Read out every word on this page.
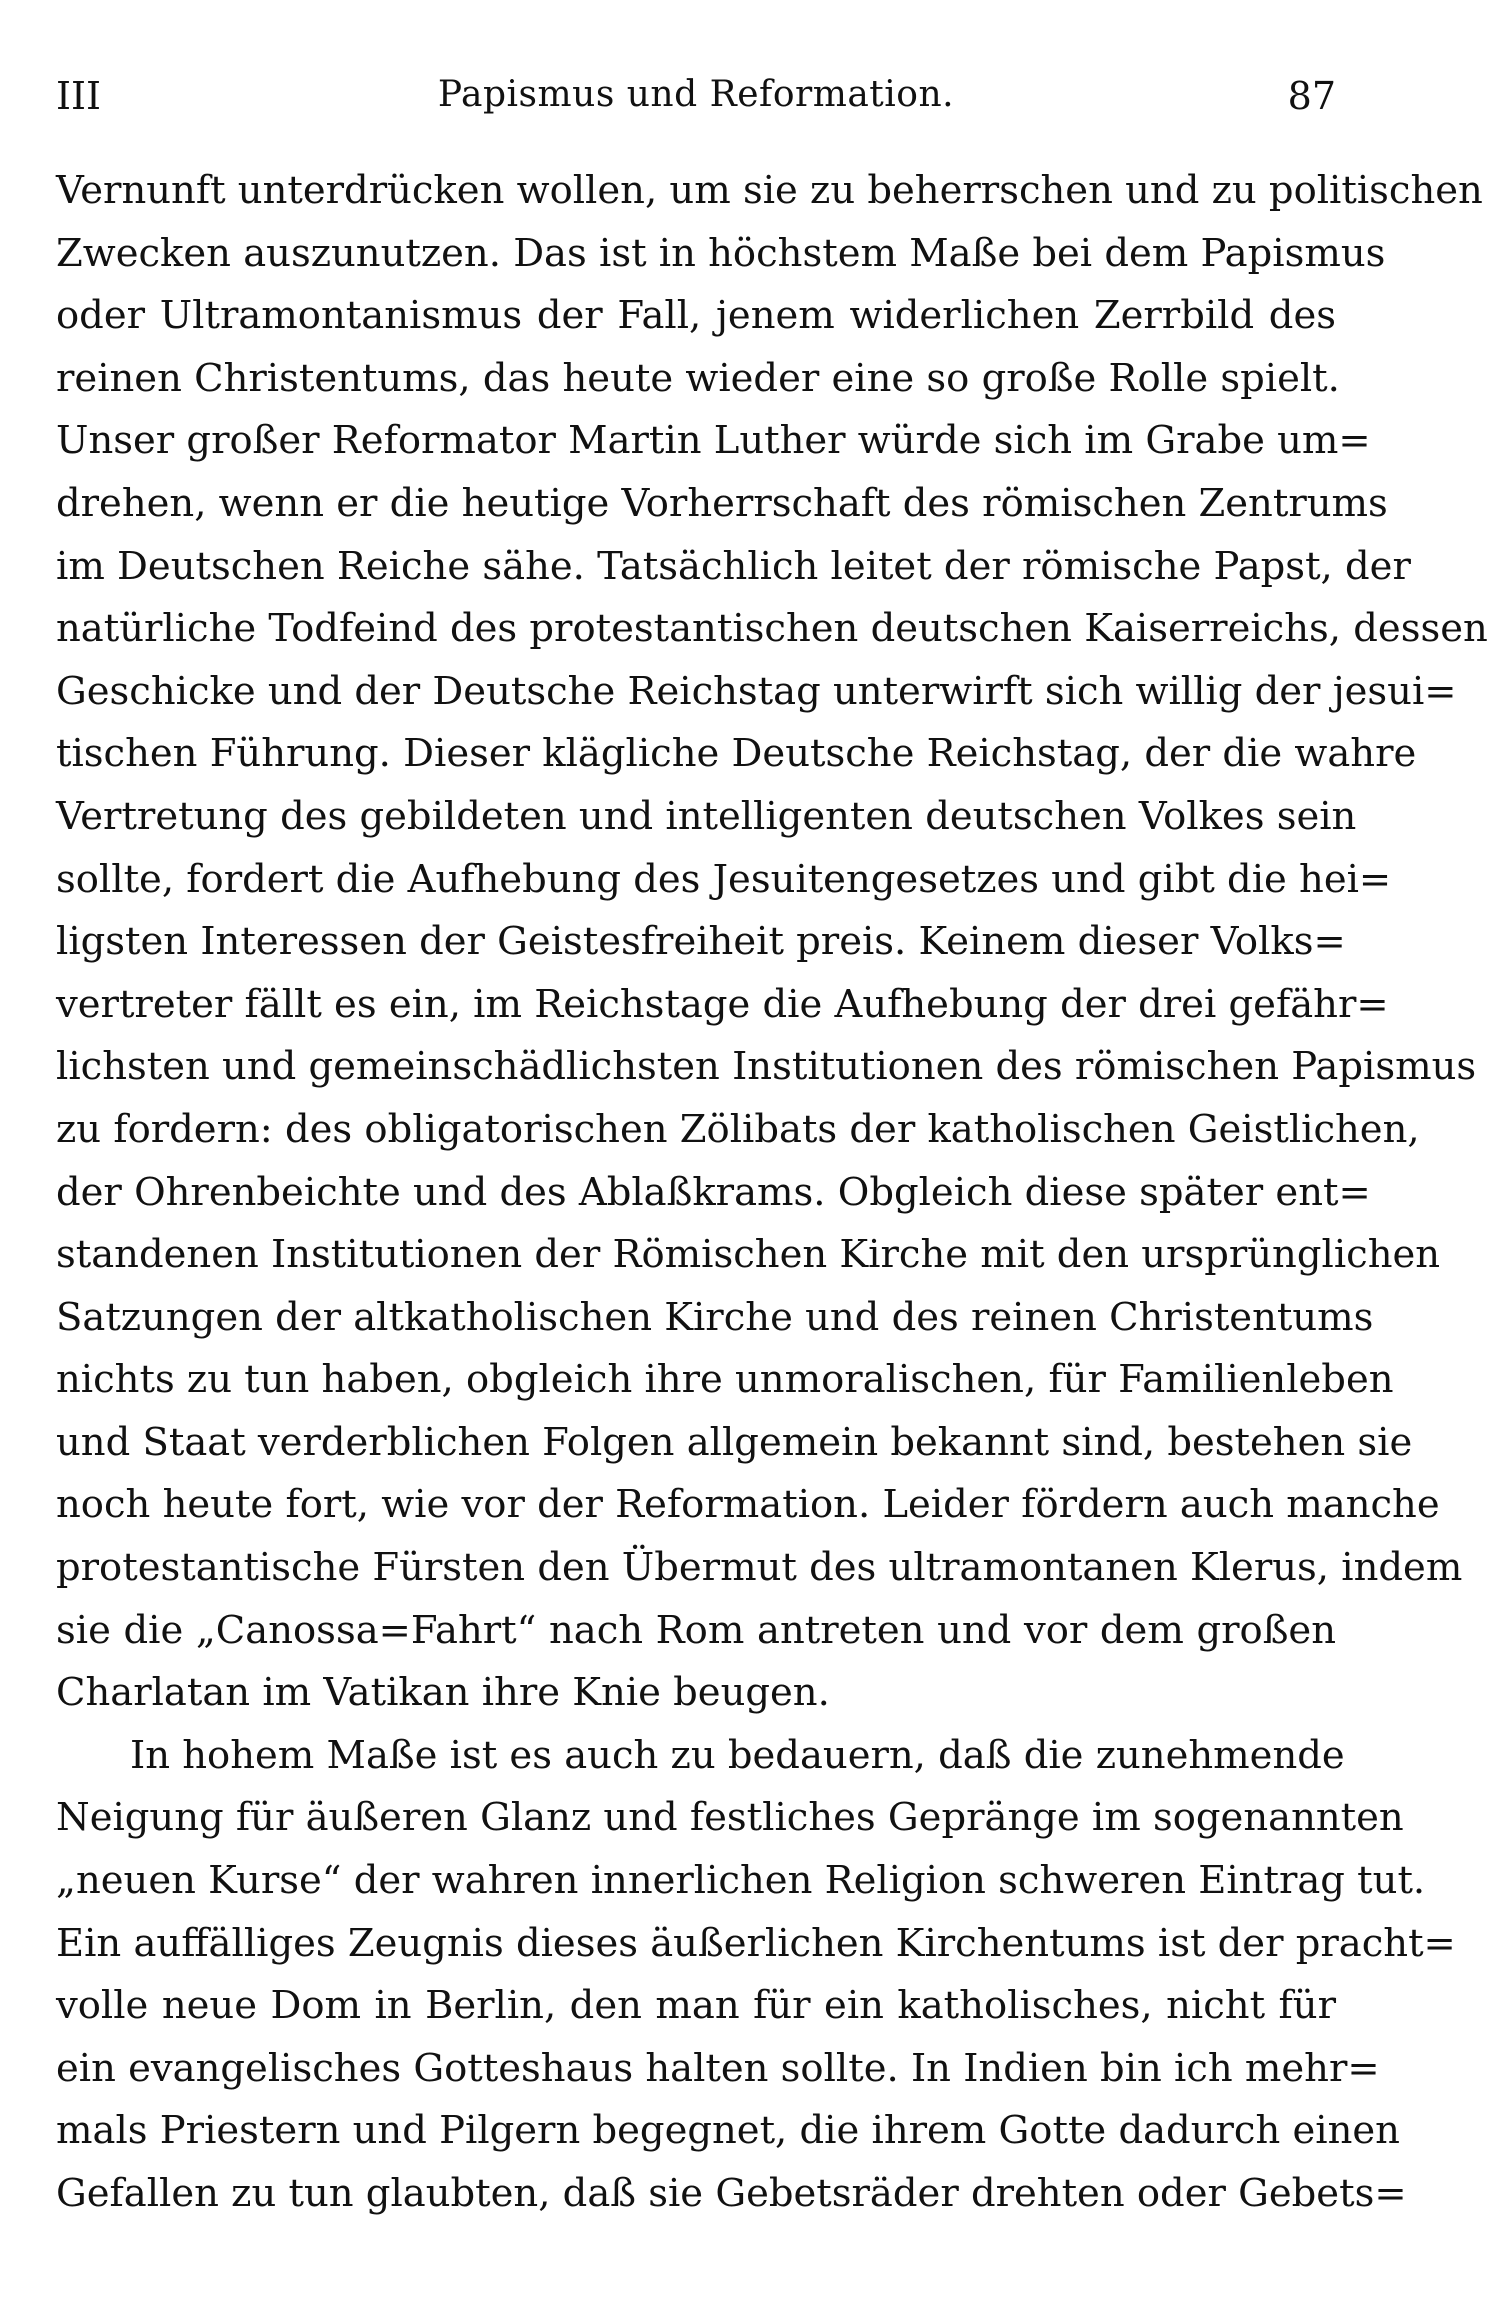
III	Papismus und Reformation.	87
Vernunft unterdrücken wollen, um sie zu beherrschen und zu politischen
Zwecken auszunutzen. Das ist in höchstem Maße bei dem Papismus
oder Ultramontanismus der Fall, jenem widerlichen Zerrbild des
reinen Christentums, das heute wieder eine so große Rolle spielt.
Unser großer Reformator Martin Luther würde sich im Grabe um=
drehen, wenn er die heutige Vorherrschaft des römischen Zentrums
im Deutschen Reiche sähe. Tatsächlich leitet der römische Papst, der
natürliche Todfeind des protestantischen deutschen Kaiserreichs, dessen
Geschicke und der Deutsche Reichstag unterwirft sich willig der jesui=
tischen Führung. Dieser klägliche Deutsche Reichstag, der die wahre
Vertretung des gebildeten und intelligenten deutschen Volkes sein
sollte, fordert die Aufhebung des Jesuitengesetzes und gibt die hei=
ligsten Interessen der Geistesfreiheit preis. Keinem dieser Volks=
vertreter fällt es ein, im Reichstage die Aufhebung der drei gefähr=
lichsten und gemeinschädlichsten Institutionen des römischen Papismus
zu fordern: des obligatorischen Zölibats der katholischen Geistlichen,
der Ohrenbeichte und des Ablaßkrams. Obgleich diese später ent=
standenen Institutionen der Römischen Kirche mit den ursprünglichen
Satzungen der altkatholischen Kirche und des reinen Christentums
nichts zu tun haben, obgleich ihre unmoralischen, für Familienleben
und Staat verderblichen Folgen allgemein bekannt sind, bestehen sie
noch heute fort, wie vor der Reformation. Leider fördern auch manche
protestantische Fürsten den Übermut des ultramontanen Klerus, indem
sie die „Canossa=Fahrt“ nach Rom antreten und vor dem großen
Charlatan im Vatikan ihre Knie beugen.
In hohem Maße ist es auch zu bedauern, daß die zunehmende
Neigung für äußeren Glanz und festliches Gepränge im sogenannten
„neuen Kurse“ der wahren innerlichen Religion schweren Eintrag tut.
Ein auffälliges Zeugnis dieses äußerlichen Kirchentums ist der pracht=
volle neue Dom in Berlin, den man für ein katholisches, nicht für
ein evangelisches Gotteshaus halten sollte. In Indien bin ich mehr=
mals Priestern und Pilgern begegnet, die ihrem Gotte dadurch einen
Gefallen zu tun glaubten, daß sie Gebetsräder drehten oder Gebets=
